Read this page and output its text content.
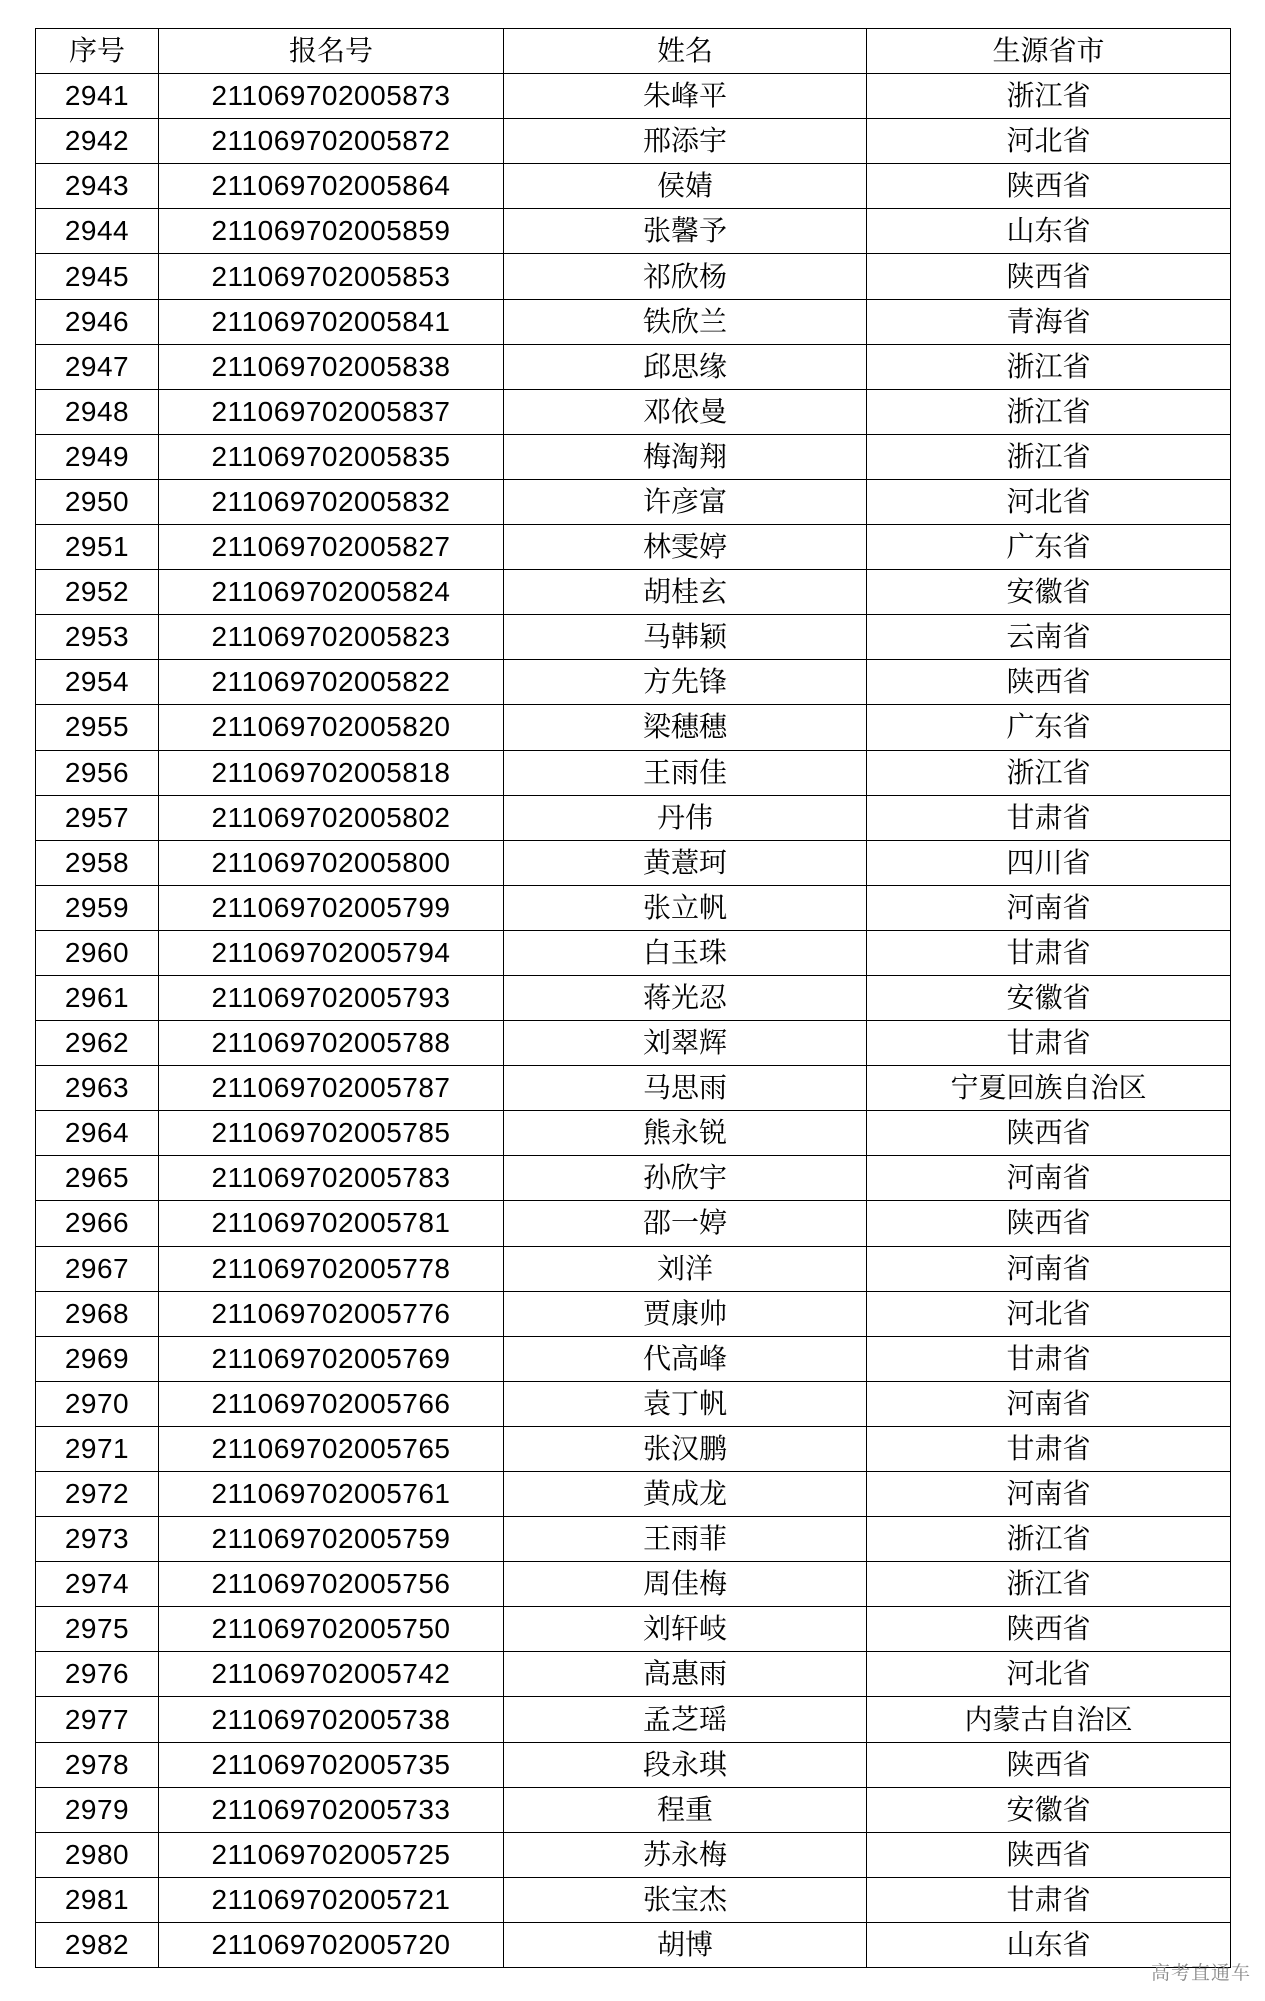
序号	报名号	姓名	生源省市
2941	211069702005873	朱峰平	浙江省
2942	211069702005872	邢添宇	河北省
2943	211069702005864	侯婧	陕西省
2944	211069702005859	张馨予	山东省
2945	211069702005853	祁欣杨	陕西省
2946	211069702005841	铁欣兰	青海省
2947	211069702005838	邱思缘	浙江省
2948	211069702005837	邓依曼	浙江省
2949	211069702005835	梅淘翔	浙江省
2950	211069702005832	许彦富	河北省
2951	211069702005827	林雯婷	广东省
2952	211069702005824	胡桂玄	安徽省
2953	211069702005823	马韩颖	云南省
2954	211069702005822	方先锋	陕西省
2955	211069702005820	梁穗穗	广东省
2956	211069702005818	王雨佳	浙江省
2957	211069702005802	丹伟	甘肃省
2958	211069702005800	黄薏珂	四川省
2959	211069702005799	张立帆	河南省
2960	211069702005794	白玉珠	甘肃省
2961	211069702005793	蒋光忍	安徽省
2962	211069702005788	刘翠辉	甘肃省
2963	211069702005787	马思雨	宁夏回族自治区
2964	211069702005785	熊永锐	陕西省
2965	211069702005783	孙欣宇	河南省
2966	211069702005781	邵一婷	陕西省
2967	211069702005778	刘洋	河南省
2968	211069702005776	贾康帅	河北省
2969	211069702005769	代高峰	甘肃省
2970	211069702005766	袁丁帆	河南省
2971	211069702005765	张汉鹏	甘肃省
2972	211069702005761	黄成龙	河南省
2973	211069702005759	王雨菲	浙江省
2974	211069702005756	周佳梅	浙江省
2975	211069702005750	刘轩岐	陕西省
2976	211069702005742	高惠雨	河北省
2977	211069702005738	孟芝瑶	内蒙古自治区
2978	211069702005735	段永琪	陕西省
2979	211069702005733	程重	安徽省
2980	211069702005725	苏永梅	陕西省
2981	211069702005721	张宝杰	甘肃省
2982	211069702005720	胡博	山东省
高考直通车
